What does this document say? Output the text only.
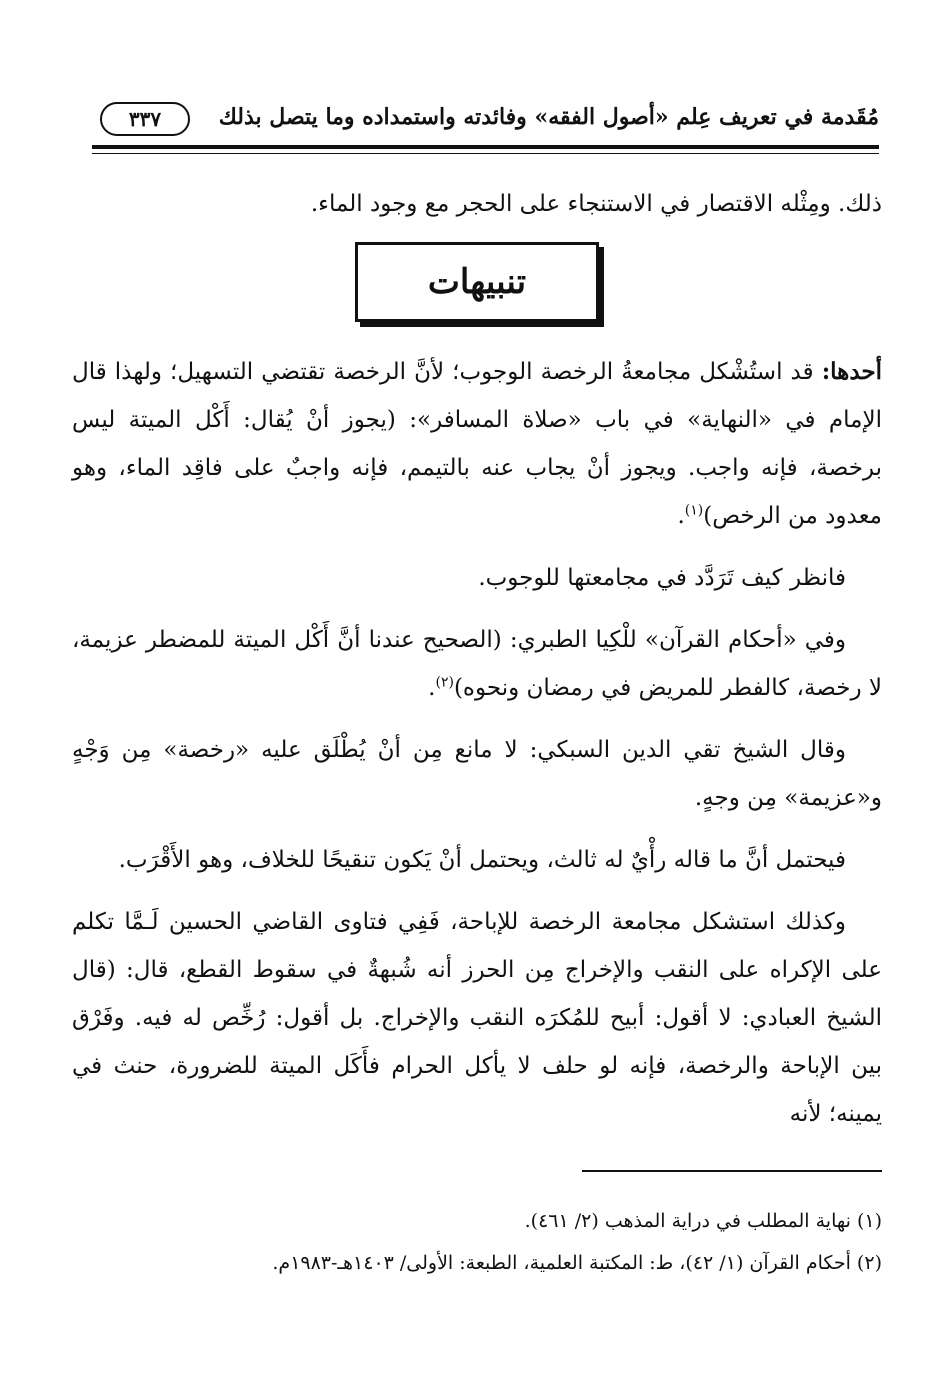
مُقَدمة في تعريف عِلم «أصول الفقه» وفائدته واستمداده وما يتصل بذلك
٣٣٧

ذلك. ومِثْله الاقتصار في الاستنجاء على الحجر مع وجود الماء.

تنبيهات

أحدها: قد استُشْكل مجامعةُ الرخصة الوجوب؛ لأنَّ الرخصة تقتضي التسهيل؛ ولهذا قال الإمام في «النهاية» في باب «صلاة المسافر»: (يجوز أنْ يُقال: أَكْل الميتة ليس برخصة، فإنه واجب. ويجوز أنْ يجاب عنه بالتيمم، فإنه واجبٌ على فاقِد الماء، وهو معدود من الرخص)$^{(١)}$.

فانظر كيف تَرَدَّد في مجامعتها للوجوب.

وفي «أحكام القرآن» للْكِيا الطبري: (الصحيح عندنا أنَّ أَكْل الميتة للمضطر عزيمة، لا رخصة، كالفطر للمريض في رمضان ونحوه)$^{(٢)}$.

وقال الشيخ تقي الدين السبكي: لا مانع مِن أنْ يُطْلَق عليه «رخصة» مِن وَجْهٍ و«عزيمة» مِن وجهٍ.

فيحتمل أنَّ ما قاله رأْيٌ له ثالث، ويحتمل أنْ يَكون تنقيحًا للخلاف، وهو الأَقْرَب.

وكذلك استشكل مجامعة الرخصة للإباحة، فَفِي فتاوى القاضي الحسين لَـمَّا تكلم على الإكراه على النقب والإخراج مِن الحرز أنه شُبهةٌ في سقوط القطع، قال: (قال الشيخ العبادي: لا أقول: أبيح للمُكرَه النقب والإخراج. بل أقول: رُخِّص له فيه. وفَرْق بين الإباحة والرخصة، فإنه لو حلف لا يأكل الحرام فأَكَل الميتة للضرورة، حنث في يمينه؛ لأنه

(١) نهاية المطلب في دراية المذهب (٢/ ٤٦١).

(٢) أحكام القرآن (١/ ٤٢)، ط: المكتبة العلمية، الطبعة: الأولى/ ١٤٠٣هـ-١٩٨٣م.
